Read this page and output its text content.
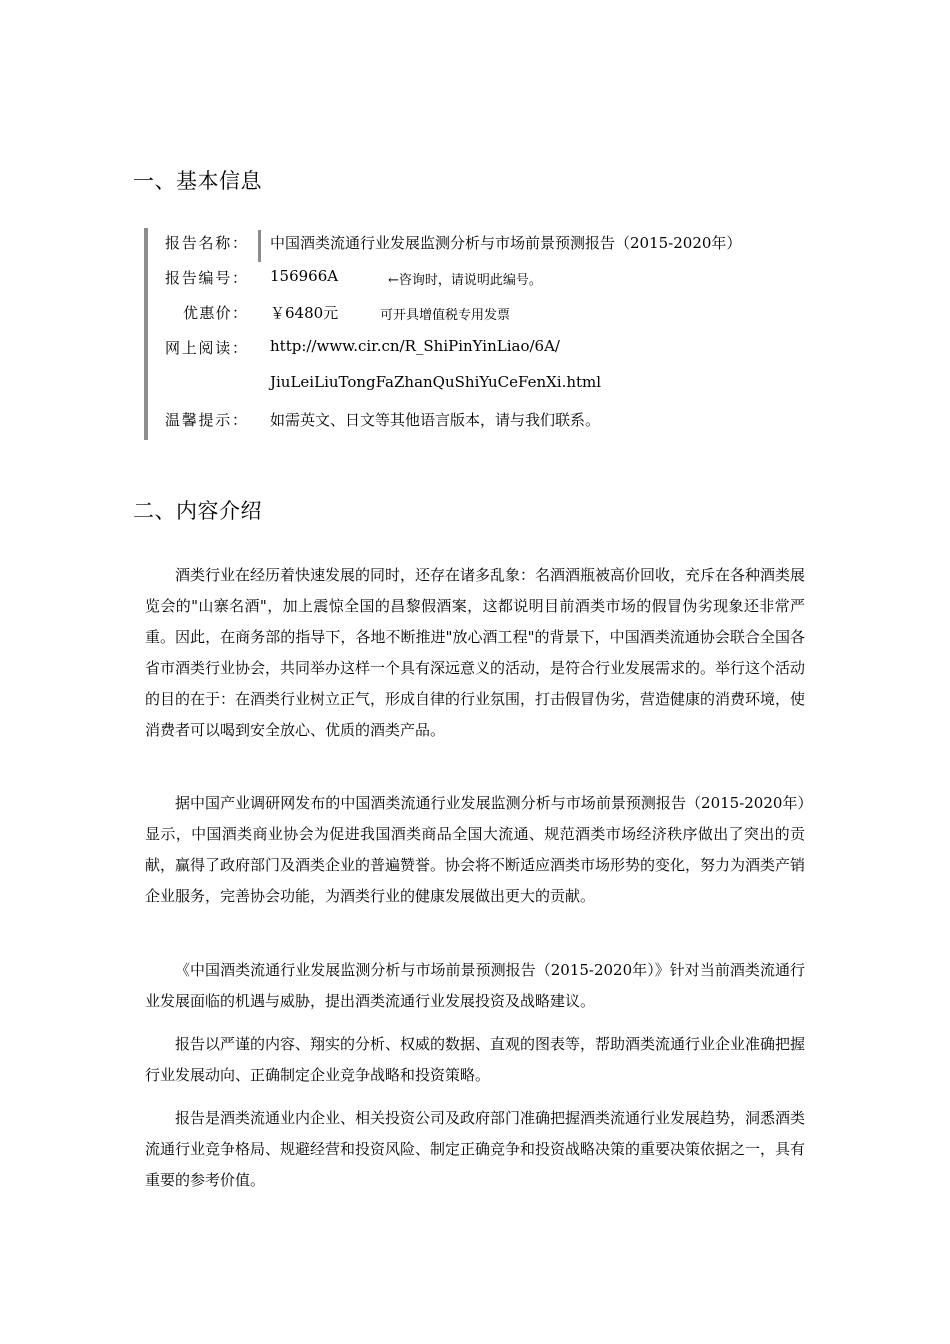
一、基本信息
报告名称： 中国酒类流通行业发展监测分析与市场前景预测报告（2015-2020年）
报告编号： 156966A	←咨询时，请说明此编号。
优惠价： ￥6480元	可开具增值税专用发票
网上阅读： http://www.cir.cn/R_ShiPinYinLiao/6A/
JiuLeiLiuTongFaZhanQuShiYuCeFenXi.html
温馨提示： 如需英文、日文等其他语言版本，请与我们联系。
二、内容介绍

酒类行业在经历着快速发展的同时，还存在诸多乱象：名酒酒瓶被高价回收，充斥在各种酒类展览会的"山寨名酒"，加上震惊全国的昌黎假酒案，这都说明目前酒类市场的假冒伪劣现象还非常严重。因此，在商务部的指导下，各地不断推进"放心酒工程"的背景下，中国酒类流通协会联合全国各省市酒类行业协会，共同举办这样一个具有深远意义的活动，是符合行业发展需求的。举行这个活动的目的在于：在酒类行业树立正气，形成自律的行业氛围，打击假冒伪劣，营造健康的消费环境，使消费者可以喝到安全放心、优质的酒类产品。

据中国产业调研网发布的中国酒类流通行业发展监测分析与市场前景预测报告（2015-2020年）显示，中国酒类商业协会为促进我国酒类商品全国大流通、规范酒类市场经济秩序做出了突出的贡献，赢得了政府部门及酒类企业的普遍赞誉。协会将不断适应酒类市场形势的变化，努力为酒类产销企业服务，完善协会功能，为酒类行业的健康发展做出更大的贡献。

《中国酒类流通行业发展监测分析与市场前景预测报告（2015-2020年）》针对当前酒类流通行业发展面临的机遇与威胁，提出酒类流通行业发展投资及战略建议。

报告以严谨的内容、翔实的分析、权威的数据、直观的图表等，帮助酒类流通行业企业准确把握行业发展动向、正确制定企业竞争战略和投资策略。

报告是酒类流通业内企业、相关投资公司及政府部门准确把握酒类流通行业发展趋势，洞悉酒类流通行业竞争格局、规避经营和投资风险、制定正确竞争和投资战略决策的重要决策依据之一，具有重要的参考价值。
